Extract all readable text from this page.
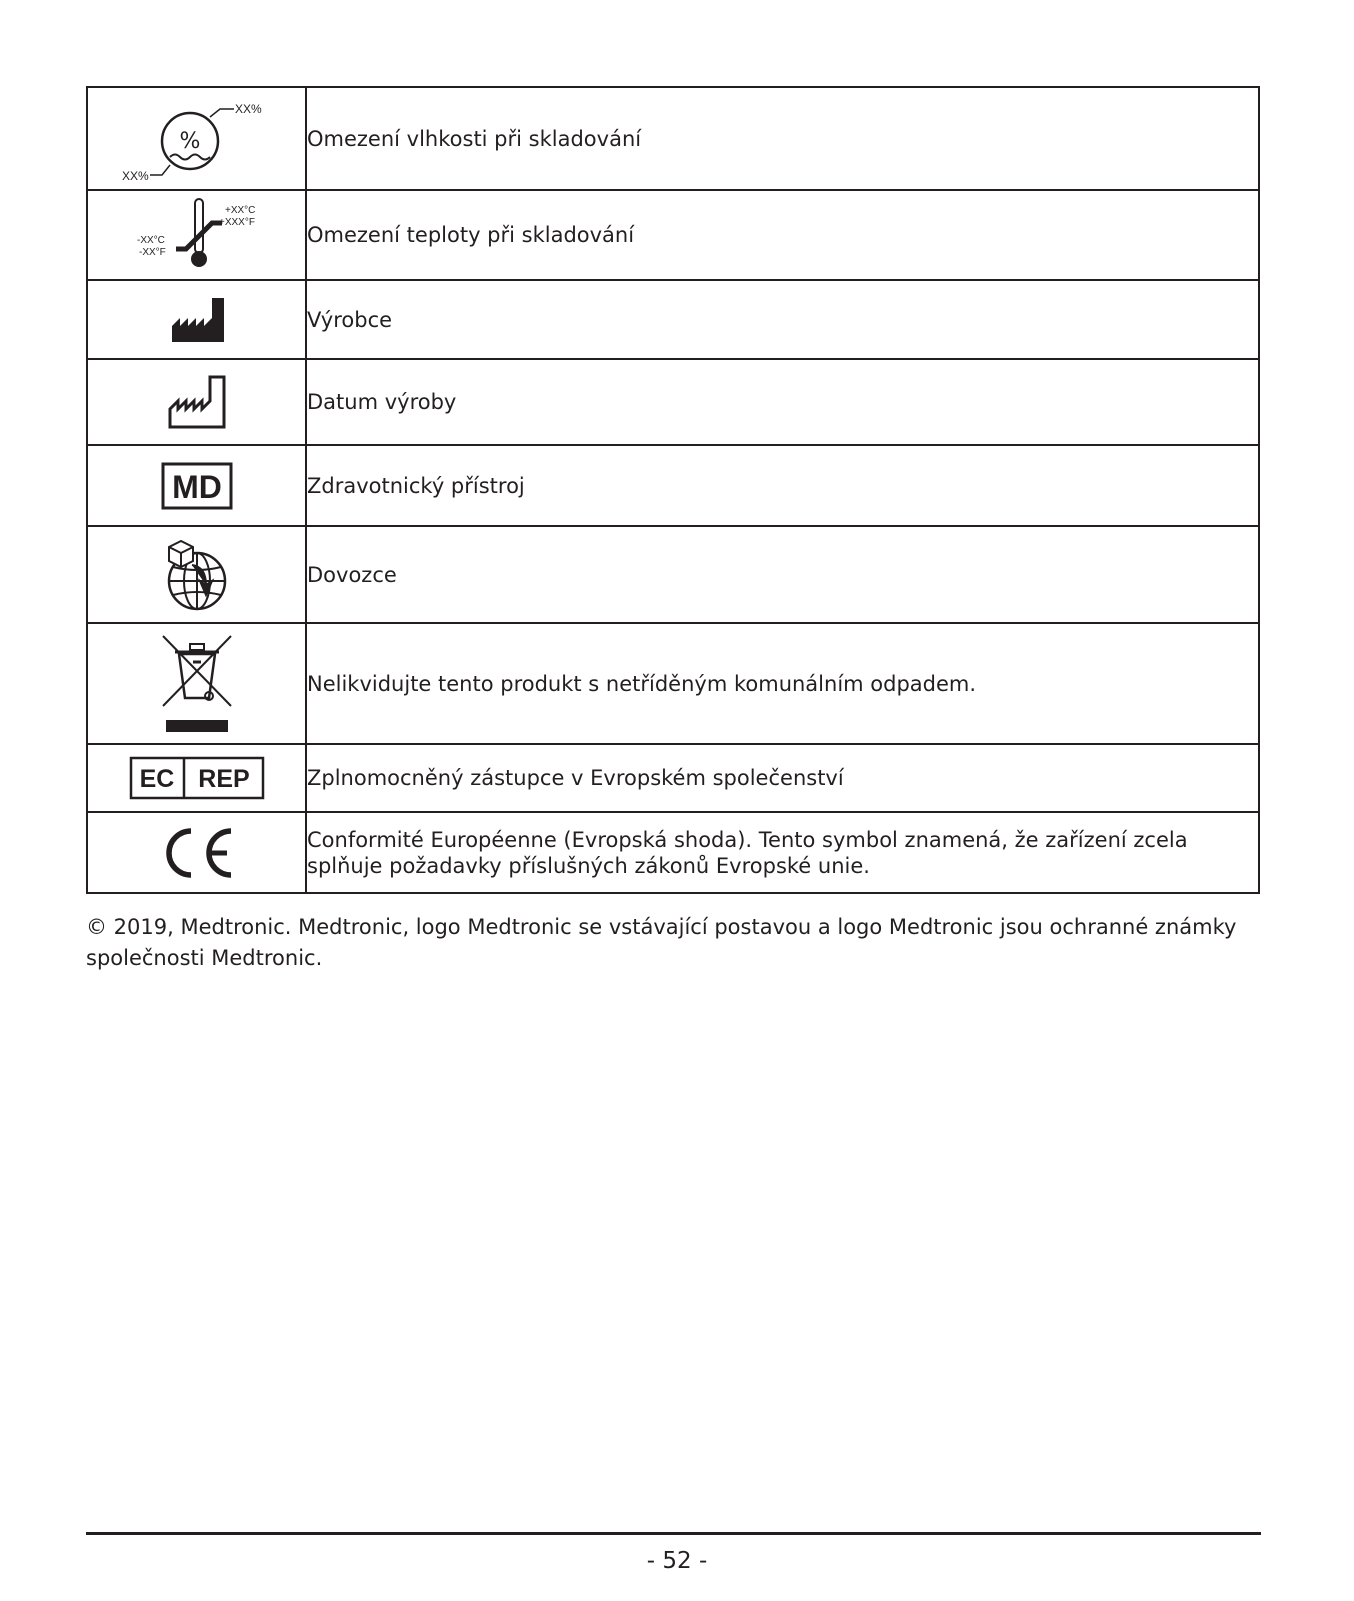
%
XX%
XX%	Omezení vlhkosti při skladování

+XX°C
+XXX°F
-XX°C
-XX°F	Omezení teploty při skladování

	Výrobce

	Datum výroby

MD	Zdravotnický přístroj

	Dovozce

	Nelikvidujte tento produkt s netříděným komunálním odpadem.

EC REP	Zplnomocněný zástupce v Evropském společenství

	Conformité Européenne (Evropská shoda). Tento symbol znamená, že zařízení zcela splňuje požadavky příslušných zákonů Evropské unie.
© 2019, Medtronic. Medtronic, logo Medtronic se vstávající postavou a logo Medtronic jsou ochranné známky společnosti Medtronic.
- 52 -
